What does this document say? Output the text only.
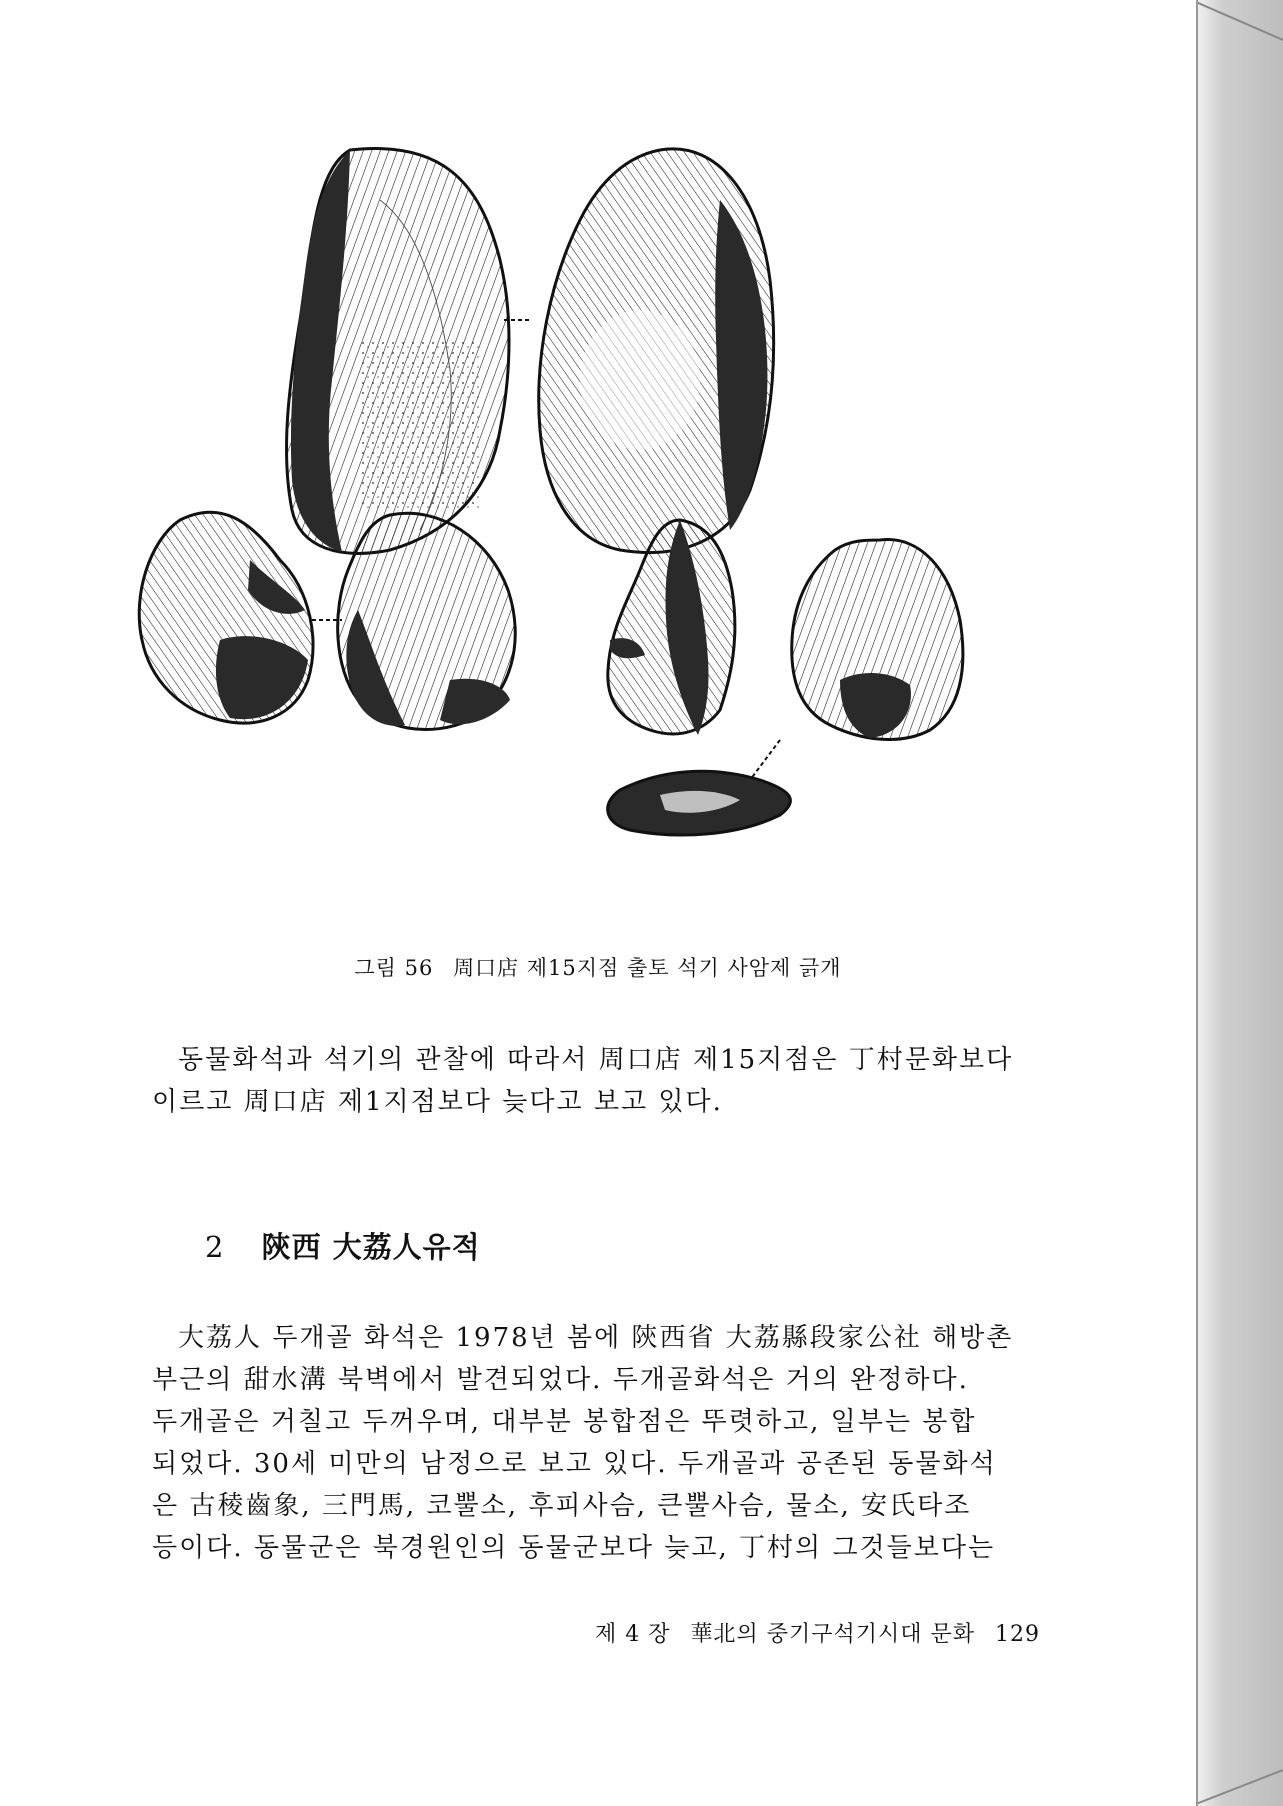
그림 56 周口店 제15지점 출토 석기 사암제 긁개
동물화석과 석기의 관찰에 따라서 周口店 제15지점은 丁村문화보다
이르고 周口店 제1지점보다 늦다고 보고 있다.
2 陝西 大荔人유적
大荔人 두개골 화석은 1978년 봄에 陝西省 大荔縣段家公社 해방촌
부근의 甜水溝 북벽에서 발견되었다. 두개골화석은 거의 완정하다.
두개골은 거칠고 두꺼우며, 대부분 봉합점은 뚜렷하고, 일부는 봉합
되었다. 30세 미만의 남정으로 보고 있다. 두개골과 공존된 동물화석
은 古稜齒象, 三門馬, 코뿔소, 후피사슴, 큰뿔사슴, 물소, 安氏타조
등이다. 동물군은 북경원인의 동물군보다 늦고, 丁村의 그것들보다는
제 4 장 華北의 중기구석기시대 문화 129
